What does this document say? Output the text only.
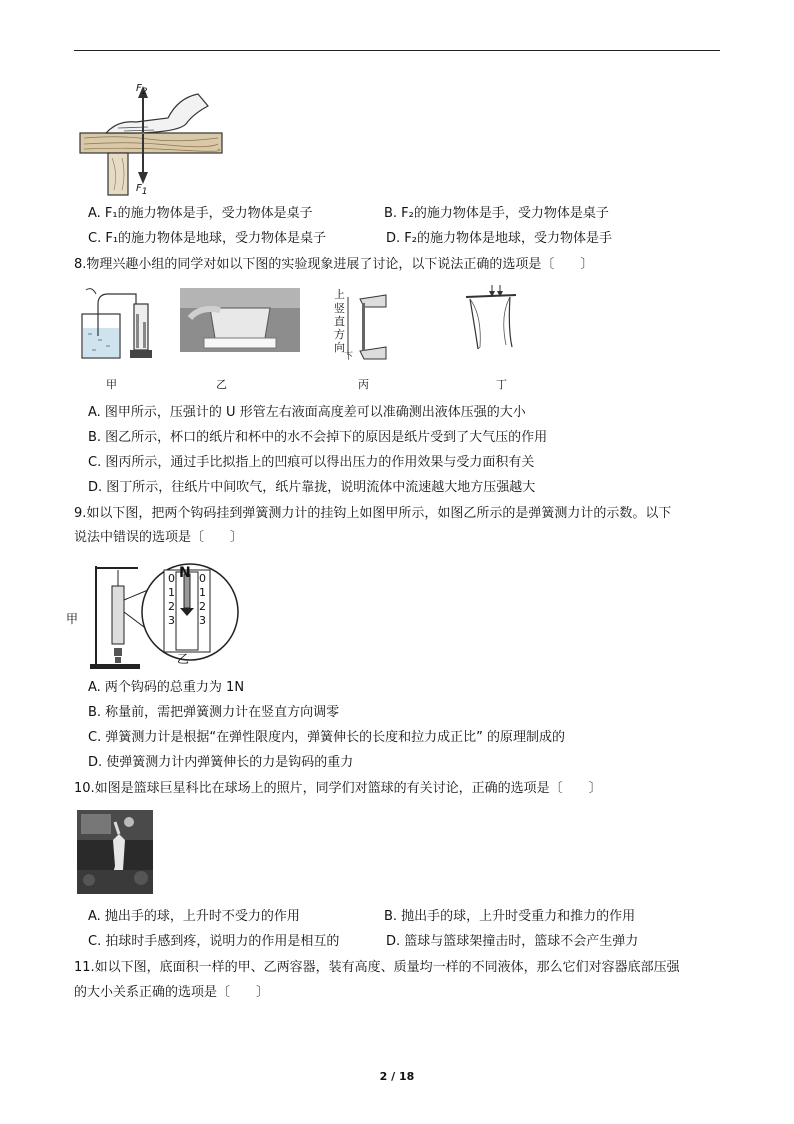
$F_2$
$F_1$
A. F₁的施力物体是手，受力物体是桌子	B. F₂的施力物体是手，受力物体是桌子
C. F₁的施力物体是地球，受力物体是桌子	D. F₂的施力物体是地球，受力物体是手
8.物理兴趣小组的同学对如以下图的实验现象进展了讨论，以下说法正确的选项是〔　　〕
上
竖
直
方
向
下
甲	乙	丙	丁
A. 图甲所示，压强计的 U 形管左右液面高度差可以准确测出液体压强的大小
B. 图乙所示，杯口的纸片和杯中的水不会掉下的原因是纸片受到了大气压的作用
C. 图丙所示，通过手比拟指上的凹痕可以得出压力的作用效果与受力面积有关
D. 图丁所示，往纸片中间吹气，纸片靠拢，说明流体中流速越大地方压强越大
9.如以下图，把两个钩码挂到弹簧测力计的挂钩上如图甲所示，如图乙所示的是弹簧测力计的示数。以下
说法中错误的选项是〔　　〕
甲
乙
N
0
1
2
3
0
1
2
3
A. 两个钩码的总重力为 1N
B. 称量前，需把弹簧测力计在竖直方向调零
C. 弹簧测力计是根据“在弹性限度内，弹簧伸长的长度和拉力成正比” 的原理制成的
D. 使弹簧测力计内弹簧伸长的力是钩码的重力
10.如图是篮球巨星科比在球场上的照片，同学们对篮球的有关讨论，正确的选项是〔　　〕
A. 抛出手的球，上升时不受力的作用	B. 抛出手的球，上升时受重力和推力的作用
C. 拍球时手感到疼，说明力的作用是相互的	D. 篮球与篮球架撞击时，篮球不会产生弹力
11.如以下图，底面积一样的甲、乙两容器，装有高度、质量均一样的不同液体，那么它们对容器底部压强
的大小关系正确的选项是〔　　〕
2 / 18
